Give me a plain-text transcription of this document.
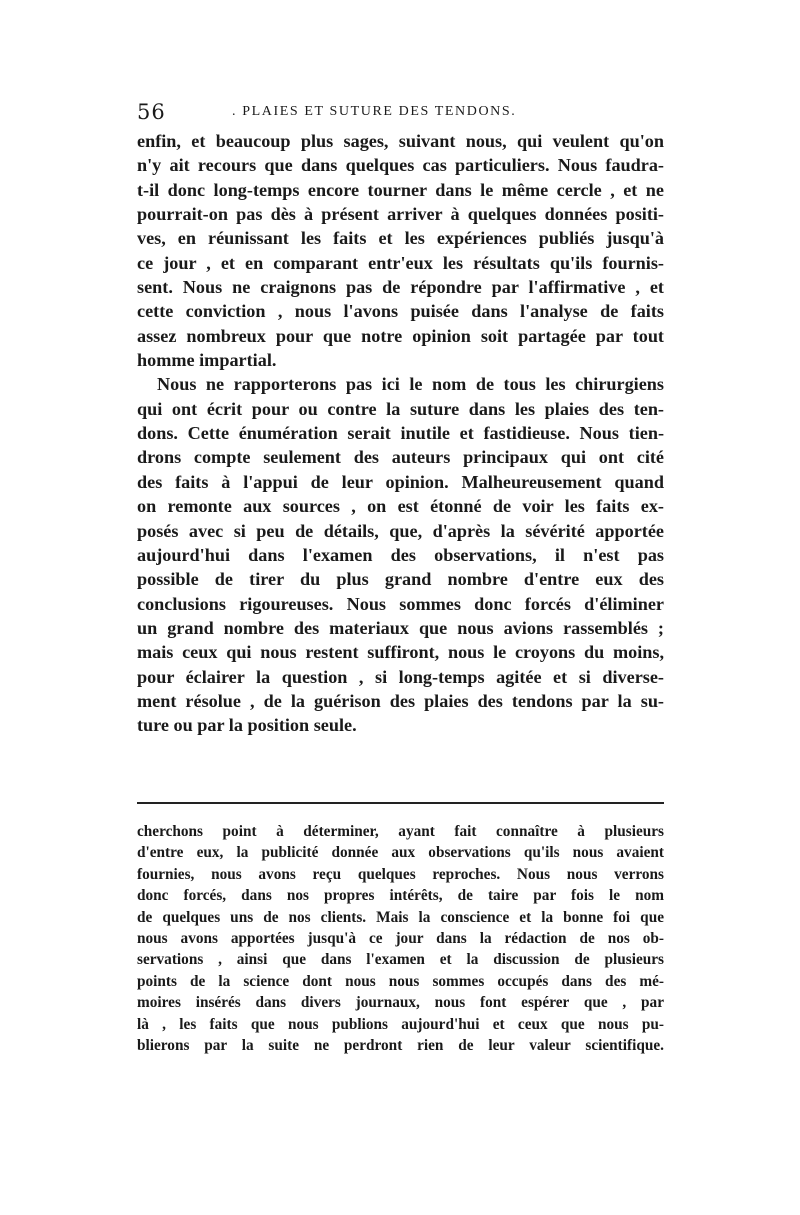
56	. PLAIES ET SUTURE DES TENDONS.
enfin, et beaucoup plus sages, suivant nous, qui veulent qu'on
n'y ait recours que dans quelques cas particuliers. Nous faudra-
t-il donc long-temps encore tourner dans le même cercle , et ne
pourrait-on pas dès à présent arriver à quelques données positi-
ves, en réunissant les faits et les expériences publiés jusqu'à
ce jour , et en comparant entr'eux les résultats qu'ils fournis-
sent. Nous ne craignons pas de répondre par l'affirmative , et
cette conviction , nous l'avons puisée dans l'analyse de faits
assez nombreux pour que notre opinion soit partagée par tout
homme impartial.
Nous ne rapporterons pas ici le nom de tous les chirurgiens
qui ont écrit pour ou contre la suture dans les plaies des ten-
dons. Cette énumération serait inutile et fastidieuse. Nous tien-
drons compte seulement des auteurs principaux qui ont cité
des faits à l'appui de leur opinion. Malheureusement quand
on remonte aux sources , on est étonné de voir les faits ex-
posés avec si peu de détails, que, d'après la sévérité apportée
aujourd'hui dans l'examen des observations, il n'est pas
possible de tirer du plus grand nombre d'entre eux des
conclusions rigoureuses. Nous sommes donc forcés d'éliminer
un grand nombre des materiaux que nous avions rassemblés ;
mais ceux qui nous restent suffiront, nous le croyons du moins,
pour éclairer la question , si long-temps agitée et si diverse-
ment résolue , de la guérison des plaies des tendons par la su-
ture ou par la position seule.
cherchons point à déterminer, ayant fait connaître à plusieurs
d'entre eux, la publicité donnée aux observations qu'ils nous avaient
fournies, nous avons reçu quelques reproches. Nous nous verrons
donc forcés, dans nos propres intérêts, de taire par fois le nom
de quelques uns de nos clients. Mais la conscience et la bonne foi que
nous avons apportées jusqu'à ce jour dans la rédaction de nos ob-
servations , ainsi que dans l'examen et la discussion de plusieurs
points de la science dont nous nous sommes occupés dans des mé-
moires insérés dans divers journaux, nous font espérer que , par
là , les faits que nous publions aujourd'hui et ceux que nous pu-
blierons par la suite ne perdront rien de leur valeur scientifique.
